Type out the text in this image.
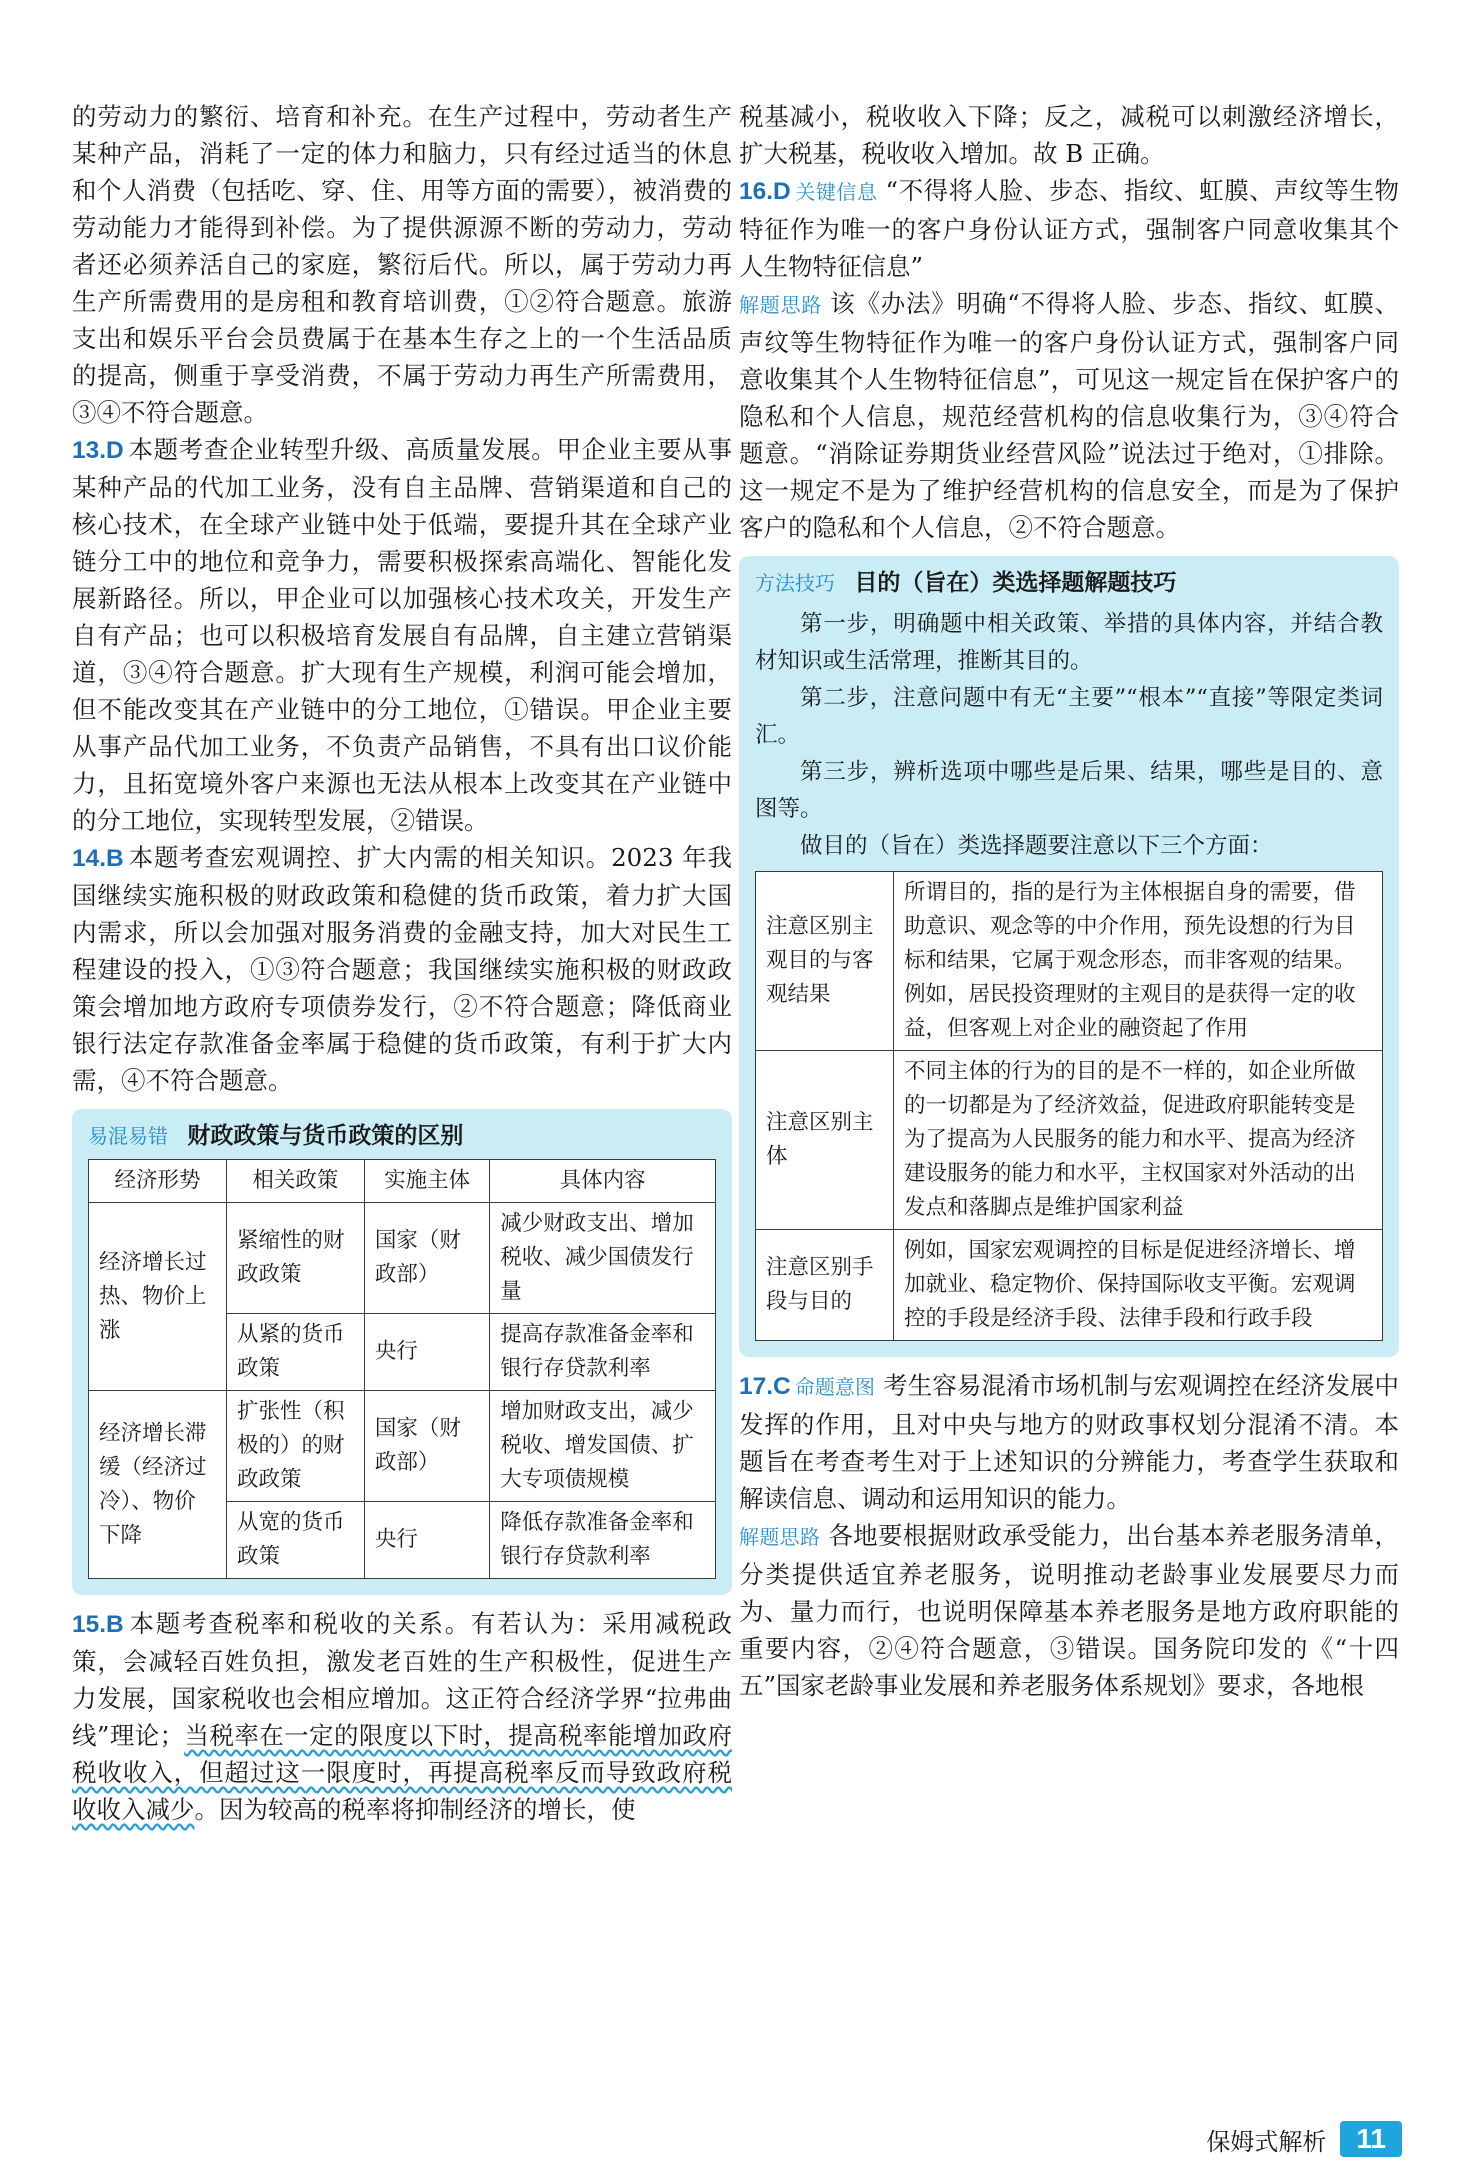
的劳动力的繁衍、培育和补充。在生产过程中，劳动者生产某种产品，消耗了一定的体力和脑力，只有经过适当的休息和个人消费（包括吃、穿、住、用等方面的需要），被消费的劳动能力才能得到补偿。为了提供源源不断的劳动力，劳动者还必须养活自己的家庭，繁衍后代。所以，属于劳动力再生产所需费用的是房租和教育培训费，①②符合题意。旅游支出和娱乐平台会员费属于在基本生存之上的一个生活品质的提高，侧重于享受消费，不属于劳动力再生产所需费用，③④不符合题意。

13.D 本题考查企业转型升级、高质量发展。甲企业主要从事某种产品的代加工业务，没有自主品牌、营销渠道和自己的核心技术，在全球产业链中处于低端，要提升其在全球产业链分工中的地位和竞争力，需要积极探索高端化、智能化发展新路径。所以，甲企业可以加强核心技术攻关，开发生产自有产品；也可以积极培育发展自有品牌，自主建立营销渠道，③④符合题意。扩大现有生产规模，利润可能会增加，但不能改变其在产业链中的分工地位，①错误。甲企业主要从事产品代加工业务，不负责产品销售，不具有出口议价能力，且拓宽境外客户来源也无法从根本上改变其在产业链中的分工地位，实现转型发展，②错误。

14.B 本题考查宏观调控、扩大内需的相关知识。2023 年我国继续实施积极的财政政策和稳健的货币政策，着力扩大国内需求，所以会加强对服务消费的金融支持，加大对民生工程建设的投入，①③符合题意；我国继续实施积极的财政政策会增加地方政府专项债券发行，②不符合题意；降低商业银行法定存款准备金率属于稳健的货币政策，有利于扩大内需，④不符合题意。

易混易错 财政政策与货币政策的区别
经济形势	相关政策	实施主体	具体内容
经济增长过热、物价上涨	紧缩性的财政政策	国家（财政部）	减少财政支出、增加税收、减少国债发行量
	从紧的货币政策	央行	提高存款准备金率和银行存贷款利率
经济增长滞缓（经济过冷）、物价下降	扩张性（积极的）的财政政策	国家（财政部）	增加财政支出，减少税收、增发国债、扩大专项债规模
	从宽的货币政策	央行	降低存款准备金率和银行存贷款利率

15.B 本题考查税率和税收的关系。有若认为：采用减税政策，会减轻百姓负担，激发老百姓的生产积极性，促进生产力发展，国家税收也会相应增加。这正符合经济学界“拉弗曲线”理论；当税率在一定的限度以下时，提高税率能增加政府税收收入，但超过这一限度时，再提高税率反而导致政府税收收入减少。因为较高的税率将抑制经济的增长，使

税基减小，税收收入下降；反之，减税可以刺激经济增长，扩大税基，税收收入增加。故 B 正确。

16.D 关键信息 “不得将人脸、步态、指纹、虹膜、声纹等生物特征作为唯一的客户身份认证方式，强制客户同意收集其个人生物特征信息”

解题思路 该《办法》明确“不得将人脸、步态、指纹、虹膜、声纹等生物特征作为唯一的客户身份认证方式，强制客户同意收集其个人生物特征信息”，可见这一规定旨在保护客户的隐私和个人信息，规范经营机构的信息收集行为，③④符合题意。“消除证券期货业经营风险”说法过于绝对，①排除。这一规定不是为了维护经营机构的信息安全，而是为了保护客户的隐私和个人信息，②不符合题意。

方法技巧 目的（旨在）类选择题解题技巧

第一步，明确题中相关政策、举措的具体内容，并结合教材知识或生活常理，推断其目的。

第二步，注意问题中有无“主要”“根本”“直接”等限定类词汇。

第三步，辨析选项中哪些是后果、结果，哪些是目的、意图等。

做目的（旨在）类选择题要注意以下三个方面：

注意区别主观目的与客观结果	所谓目的，指的是行为主体根据自身的需要，借助意识、观念等的中介作用，预先设想的行为目标和结果，它属于观念形态，而非客观的结果。例如，居民投资理财的主观目的是获得一定的收益，但客观上对企业的融资起了作用
注意区别主体	不同主体的行为的目的是不一样的，如企业所做的一切都是为了经济效益，促进政府职能转变是为了提高为人民服务的能力和水平、提高为经济建设服务的能力和水平，主权国家对外活动的出发点和落脚点是维护国家利益
注意区别手段与目的	例如，国家宏观调控的目标是促进经济增长、增加就业、稳定物价、保持国际收支平衡。宏观调控的手段是经济手段、法律手段和行政手段

17.C 命题意图 考生容易混淆市场机制与宏观调控在经济发展中发挥的作用，且对中央与地方的财政事权划分混淆不清。本题旨在考查考生对于上述知识的分辨能力，考查学生获取和解读信息、调动和运用知识的能力。

解题思路 各地要根据财政承受能力，出台基本养老服务清单，分类提供适宜养老服务，说明推动老龄事业发展要尽力而为、量力而行，也说明保障基本养老服务是地方政府职能的重要内容，②④符合题意，③错误。国务院印发的《“十四五”国家老龄事业发展和养老服务体系规划》要求，各地根

保姆式解析	11
